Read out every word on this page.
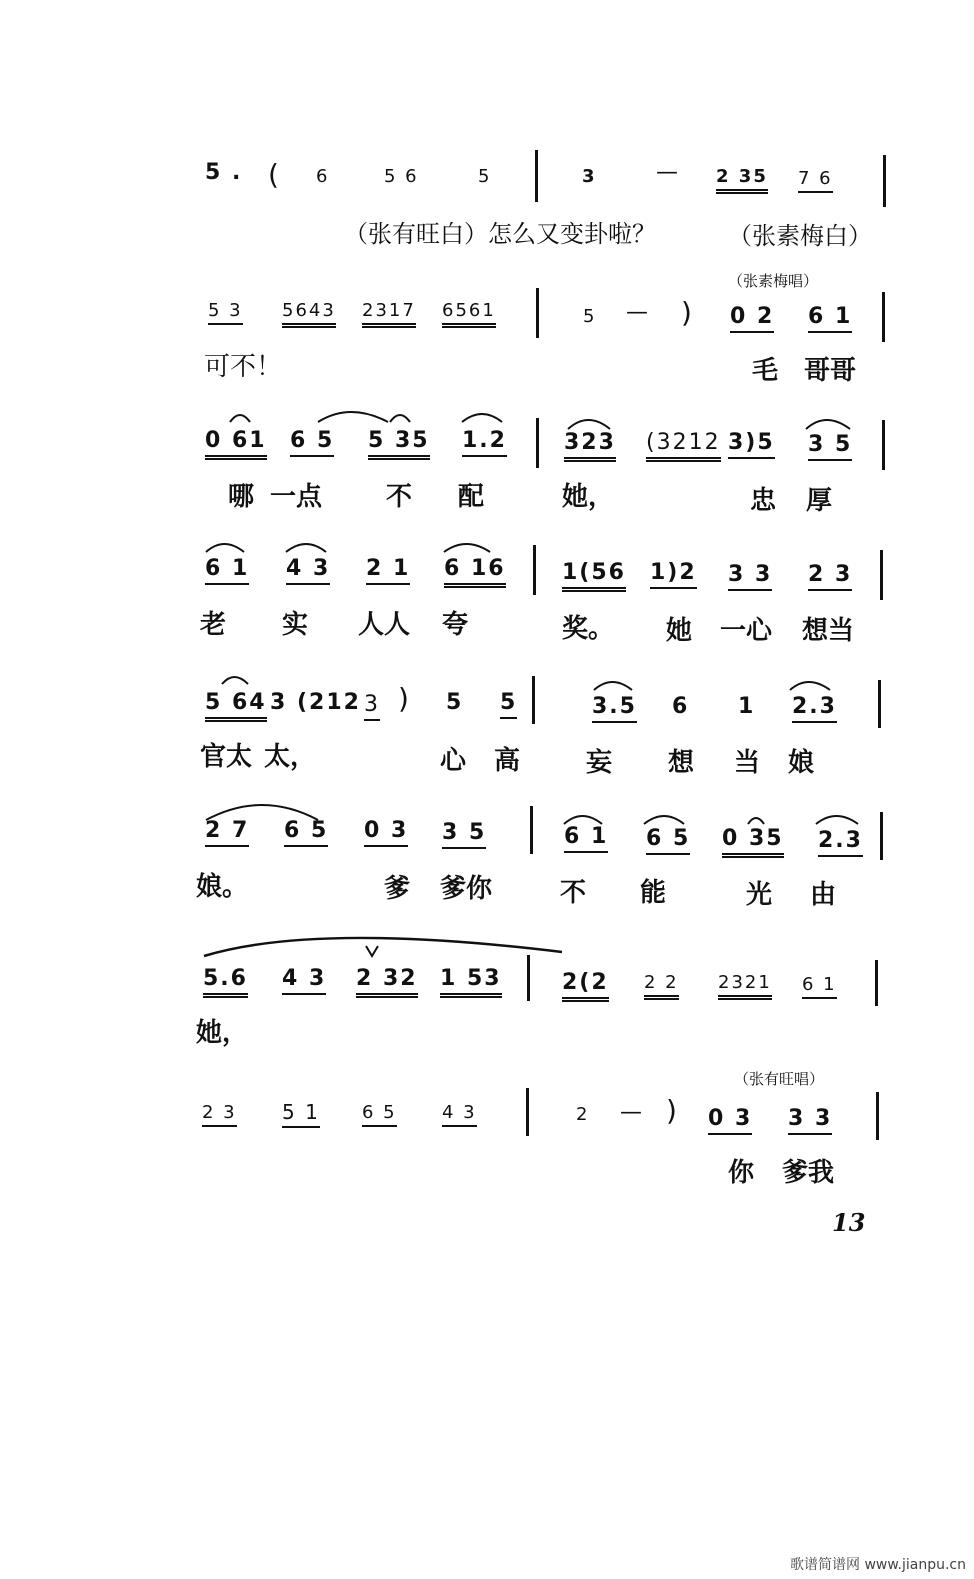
5 . ( 6	5 6	5	3	— 2 35 7 6
（张有旺白）怎么又变卦啦？	（张素梅白）
（张素梅唱）
5 3 5643 2317 6561	5 — ) 0 2 6 1
可不！	毛 哥哥
0 61 6 5 5 35 1.2	323 (3212 3)5 3 5
哪 一点 不 配	她，	忠 厚
6 1 4 3 2 1 6 16	1(56 1)2 3 3 2 3
老 实 人人 夸	奖。 她 一心 想当
5 64 3 (212 3 ) 5 5	3.5 6 1 2.3
官太 太，	心 高	妄 想 当 娘
2 7 6 5 0 3 3 5	6 1 6 5 0 35 2.3
娘。	爹 爹你	不 能	光 由
5.6 4 3 2 32 1 53	2(2 2 2 2321 6 1
她，
（张有旺唱）
2 3 5 1 6 5	4 3	2 — ) 0 3 3 3
你 爹我
13
歌谱简谱网 www.jianpu.cn
